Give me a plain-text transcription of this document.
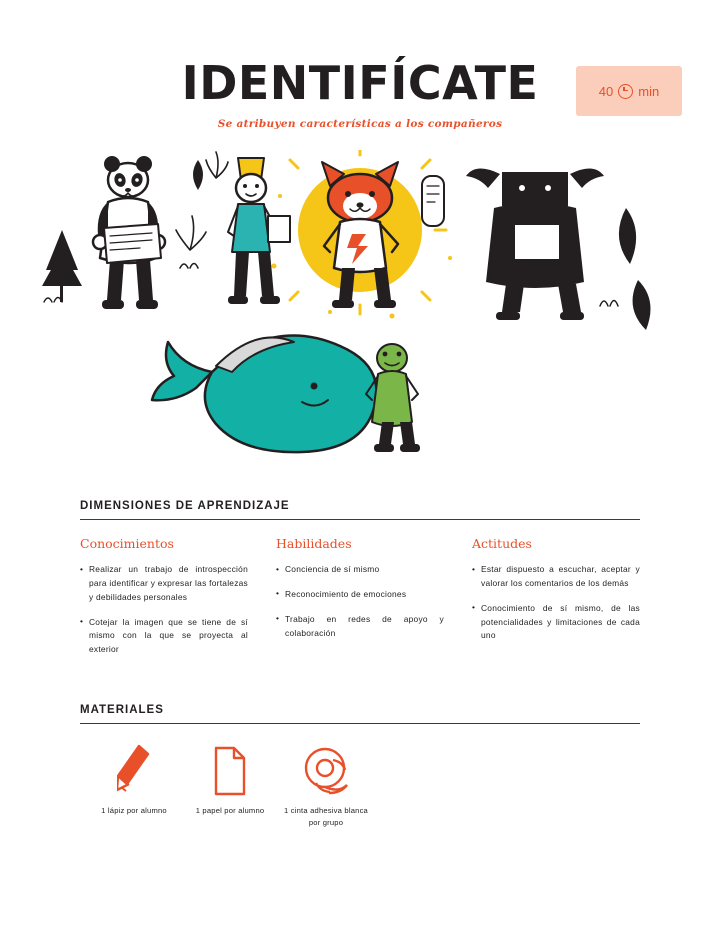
IDENTIFÍCATE
Se atribuyen características a los compañeros
40 min
DIMENSIONES DE APRENDIZAJE
Conocimientos
• Realizar un trabajo de introspección para identificar y expresar las fortalezas y debilidades personales
• Cotejar la imagen que se tiene de sí mismo con la que se proyecta al exterior
Habilidades
• Conciencia de sí mismo
• Reconocimiento de emociones
• Trabajo en redes de apoyo y colaboración
Actitudes
• Estar dispuesto a escuchar, aceptar y valorar los comentarios de los demás
• Conocimiento de sí mismo, de las potencialidades y limitaciones de cada uno
MATERIALES
1 lápiz por alumno	1 papel por alumno	1 cinta adhesiva blanca por grupo
